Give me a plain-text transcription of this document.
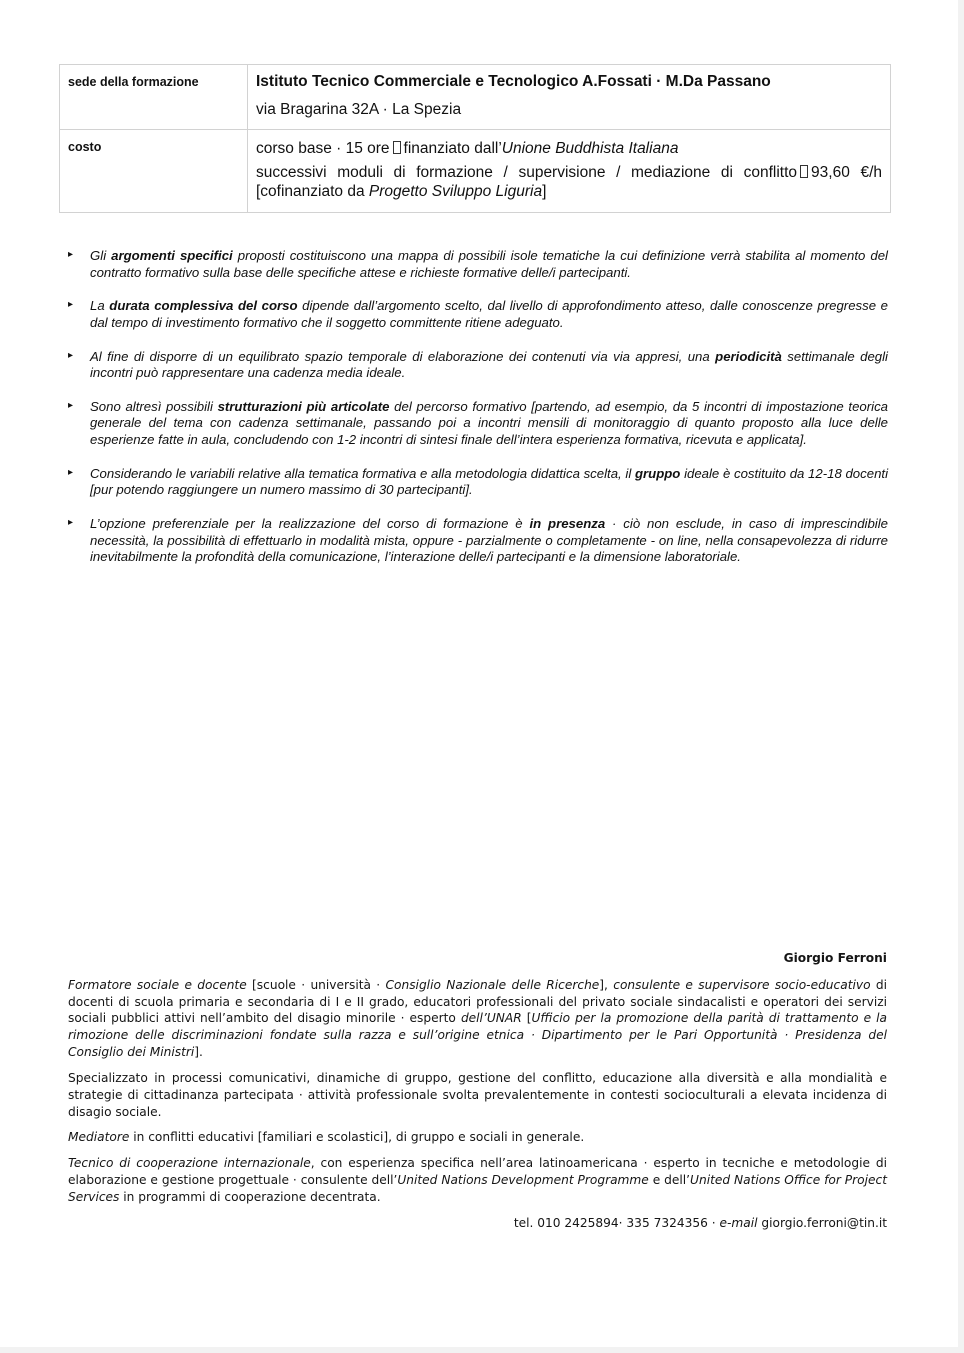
sede della formazione	Istituto Tecnico Commerciale e Tecnologico A.Fossati · M.Da Passano

via Bragarina 32A · La Spezia

costo	corso base · 15 ore finanziato dall’Unione Buddhista Italiana

successivi moduli di formazione / supervisione / mediazione di conflitto 93,60 €/h [cofinanziato da Progetto Sviluppo Liguria]

▸ Gli argomenti specifici proposti costituiscono una mappa di possibili isole tematiche la cui definizione verrà stabilita al momento del contratto formativo sulla base delle specifiche attese e richieste formative delle/i partecipanti.
▸ La durata complessiva del corso dipende dall’argomento scelto, dal livello di approfondimento atteso, dalle conoscenze pregresse e dal tempo di investimento formativo che il soggetto committente ritiene adeguato.
▸ Al fine di disporre di un equilibrato spazio temporale di elaborazione dei contenuti via via appresi, una periodicità settimanale degli incontri può rappresentare una cadenza media ideale.
▸ Sono altresì possibili strutturazioni più articolate del percorso formativo [partendo, ad esempio, da 5 incontri di impostazione teorica generale del tema con cadenza settimanale, passando poi a incontri mensili di monitoraggio di quanto proposto alla luce delle esperienze fatte in aula, concludendo con 1-2 incontri di sintesi finale dell’intera esperienza formativa, ricevuta e applicata].
▸ Considerando le variabili relative alla tematica formativa e alla metodologia didattica scelta, il gruppo ideale è costituito da 12-18 docenti [pur potendo raggiungere un numero massimo di 30 partecipanti].
▸ L’opzione preferenziale per la realizzazione del corso di formazione è in presenza · ciò non esclude, in caso di imprescindibile necessità, la possibilità di effettuarlo in modalità mista, oppure - parzialmente o completamente - on line, nella consapevolezza di ridurre inevitabilmente la profondità della comunicazione, l’interazione delle/i partecipanti e la dimensione laboratoriale.
Giorgio Ferroni

Formatore sociale e docente [scuole · università · Consiglio Nazionale delle Ricerche], consulente e supervisore socio-educativo di docenti di scuola primaria e secondaria di I e II grado, educatori professionali del privato sociale sindacalisti e operatori dei servizi sociali pubblici attivi nell’ambito del disagio minorile · esperto dell’UNAR [Ufficio per la promozione della parità di trattamento e la rimozione delle discriminazioni fondate sulla razza e sull’origine etnica · Dipartimento per le Pari Opportunità · Presidenza del Consiglio dei Ministri].

Specializzato in processi comunicativi, dinamiche di gruppo, gestione del conflitto, educazione alla diversità e alla mondialità e strategie di cittadinanza partecipata · attività professionale svolta prevalentemente in contesti socioculturali a elevata incidenza di disagio sociale.

Mediatore in conflitti educativi [familiari e scolastici], di gruppo e sociali in generale.

Tecnico di cooperazione internazionale, con esperienza specifica nell’area latinoamericana · esperto in tecniche e metodologie di elaborazione e gestione progettuale · consulente dell’United Nations Development Programme e dell’United Nations Office for Project Services in programmi di cooperazione decentrata.

tel. 010 2425894· 335 7324356 · e-mail giorgio.ferroni@tin.it
